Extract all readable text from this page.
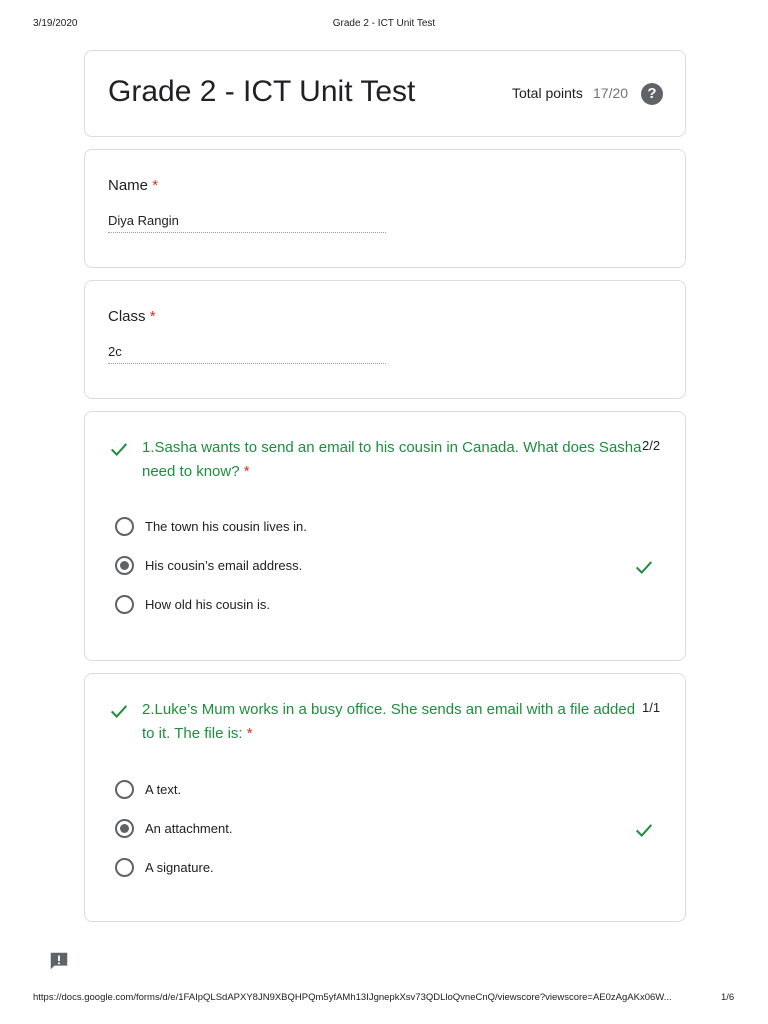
3/19/2020	Grade 2 - ICT Unit Test
Grade 2 - ICT Unit Test	Total points 17/20	?
Name *
Diya Rangin
Class *
2c
1.Sasha wants to send an email to his cousin in Canada. What does Sasha need to know? *
2/2
The town his cousin lives in.
His cousin’s email address.
How old his cousin is.
2.Luke’s Mum works in a busy office. She sends an email with a file added to it. The file is: *
1/1
A text.
An attachment.
A signature.
https://docs.google.com/forms/d/e/1FAIpQLSdAPXY8JN9XBQHPQm5yfAMh13IJgnepkXsv73QDLloQvneCnQ/viewscore?viewscore=AE0zAgAKx06W...	1/6
